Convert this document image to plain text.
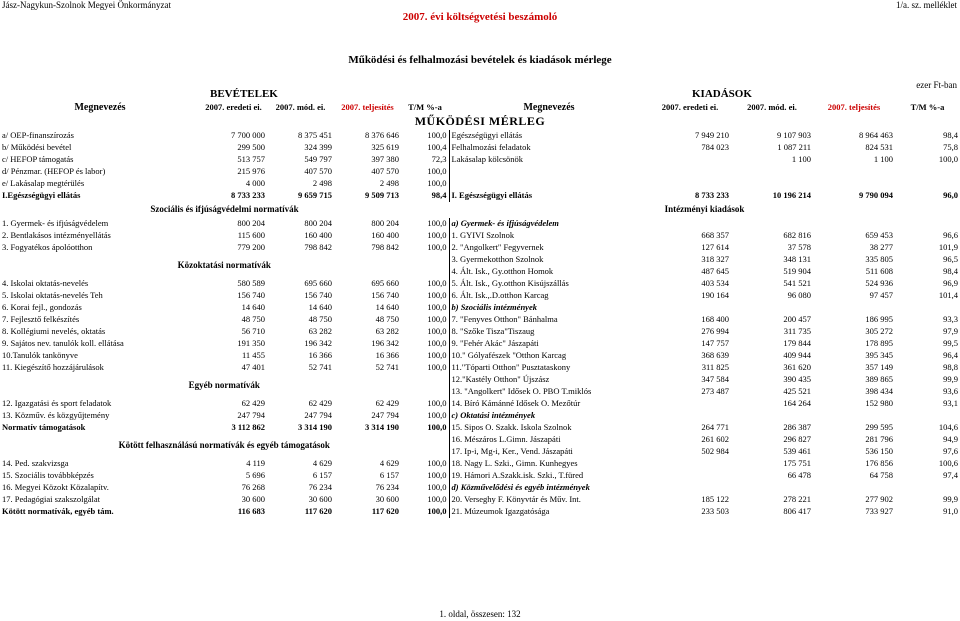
Jász-Nagykun-Szolnok Megyei Önkormányzat	1/a. sz. melléklet
2007. évi költségvetési beszámoló
Működési és felhalmozási bevételek és kiadások mérlege
ezer Ft-ban
BEVÉTELEK	KIADÁSOK
Megnevezés	2007. eredeti ei.	2007. mód. ei.	2007. teljesítés	T/M %-a	Megnevezés	2007. eredeti ei.	2007. mód. ei.	2007. teljesítés	T/M %-a
MŰKÖDÉSI MÉRLEG									
a/ OEP-finanszírozás	7 700 000	8 375 451	8 376 646	100,0	Egészségügyi ellátás	7 949 210	9 107 903	8 964 463	98,4
b/ Működési bevétel	299 500	324 399	325 619	100,4	Felhalmozási feladatok	784 023	1 087 211	824 531	75,8
c/ HEFOP támogatás	513 757	549 797	397 380	72,3	Lakásalap kölcsönök		1 100	1 100	100,0
d/ Pénzmar. (HEFOP és labor)	215 976	407 570	407 570	100,0					
e/ Lakásalap megtérülés	4 000	2 498	2 498	100,0					
I.Egészségügyi ellátás	8 733 233	9 659 715	9 509 713	98,4	I. Egészségügyi ellátás	8 733 233	10 196 214	9 790 094	96,0
Szociális és ifjúságvédelmi normatívák					Intézményi kiadások				
1. Gyermek- és ifjúságvédelem	800 204	800 204	800 204	100,0	a) Gyermek- és ifjúságvédelem				
2. Bentlakásos intézményellátás	115 600	160 400	160 400	100,0	1. GYIVI Szolnok	668 357	682 816	659 453	96,6
3. Fogyatékos ápolóotthon	779 200	798 842	798 842	100,0	2. "Angolkert" Fegyvernek	127 614	37 578	38 277	101,9
Közoktatási normatívák					3. Gyermekotthon Szolnok	318 327	348 131	335 805	96,5
					4. Ált. Isk., Gy.otthon Homok	487 645	519 904	511 608	98,4
4. Iskolai oktatás-nevelés	580 589	695 660	695 660	100,0	5. Ált. Isk., Gy.otthon Kisújszállás	403 534	541 521	524 936	96,9
5. Iskolai oktatás-nevelés Teh	156 740	156 740	156 740	100,0	6. Ált. Isk.,.D.otthon Karcag	190 164	96 080	97 457	101,4
6. Korai fejl., gondozás	14 640	14 640	14 640	100,0	b) Szociális intézmények				
7. Fejlesztő felkészítés	48 750	48 750	48 750	100,0	7. "Fenyves Otthon" Bánhalma	168 400	200 457	186 995	93,3
8. Kollégiumi nevelés, oktatás	56 710	63 282	63 282	100,0	8. "Szőke Tisza"Tiszaug	276 994	311 735	305 272	97,9
9. Sajátos nev. tanulók koll. ellátása	191 350	196 342	196 342	100,0	9. "Fehér Akác" Jászapáti	147 757	179 844	178 895	99,5
10.Tanulók tankönyve	11 455	16 366	16 366	100,0	10." Gólyafészek "Otthon Karcag	368 639	409 944	395 345	96,4
11. Kiegészítő hozzájárulások	47 401	52 741	52 741	100,0	11."Tóparti Otthon" Pusztataskony	311 825	361 620	357 149	98,8
Egyéb normatívák					12."Kastély Otthon" Újszász	347 584	390 435	389 865	99,9
					13. "Angolkert" Idősek O. PBO T.miklós	273 487	425 521	398 434	93,6
12. Igazgatási és sport feladatok	62 429	62 429	62 429	100,0	14. Bíró Kámánné Idősek O. Mezőtúr		164 264	152 980	93,1
13. Közműv. és közgyűjtemény	247 794	247 794	247 794	100,0	c) Oktatási intézmények				
Normatív támogatások	3 112 862	3 314 190	3 314 190	100,0	15. Sipos O. Szakk. Iskola Szolnok	264 771	286 387	299 595	104,6
Kötött felhasználású normatívák és egyéb támogatások					16. Mészáros L.Gimn. Jászapáti	261 602	296 827	281 796	94,9
					17. Ip-i, Mg-i, Ker., Vend. Jászapáti	502 984	539 461	536 150	97,6
14. Ped. szakvizsga	4 119	4 629	4 629	100,0	18. Nagy L. Szki., Gimn. Kunhegyes		175 751	176 856	100,6
15. Szociális továbbképzés	5 696	6 157	6 157	100,0	19. Hámori A.Szakk.isk. Szki., T.füred		66 478	64 758	97,4
16. Megyei Közokt Közalapítv.	76 268	76 234	76 234	100,0	d) Közművelődési és egyéb intézmények				
17. Pedagógiai szakszolgálat	30 600	30 600	30 600	100,0	20. Verseghy F. Könyvtár és Műv. Int.	185 122	278 221	277 902	99,9
Kötött normatívák, egyéb tám.	116 683	117 620	117 620	100,0	21. Múzeumok Igazgatósága	233 503	806 417	733 927	91,0
1. oldal, összesen: 132
